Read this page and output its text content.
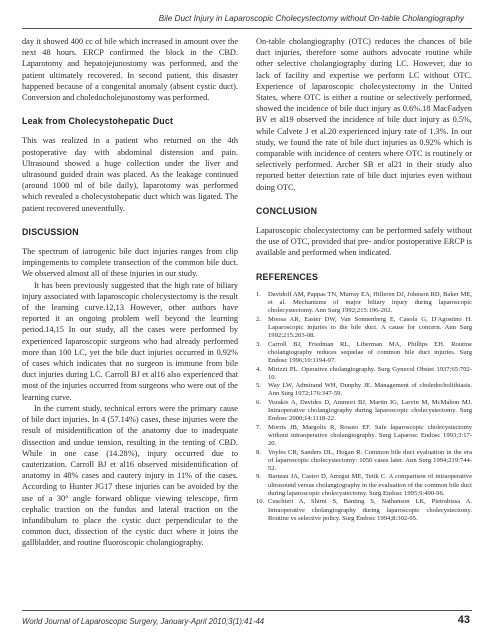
Bile Duct Injury in Laparoscopic Cholecystectomy without On-table Cholangiography

day it showed 400 cc of bile which increased in amount over the next 48 hours. ERCP confirmed the block in the CBD. Laparotomy and hepatojejunostomy was performed, and the patient ultimately recovered. In second patient, this disaster happened because of a congenital anomaly (absent cystic duct). Conversion and choledocholejunostomy was performed.

Leak from Cholecystohepatic Duct

This was realized in a patient who returned on the 4th postoperative day with abdominal distension and pain. Ultrasound showed a huge collection under the liver and ultrasound guided drain was placed. As the leakage continued (around 1000 ml of bile daily), laparotomy was performed which revealed a cholecystohepatic duct which was ligated. The patient recovered uneventfully.

DISCUSSION

The spectrum of iatrogenic bile duct injuries ranges from clip impingements to complete transection of the common bile duct. We observed almost all of these injuries in our study.

It has been previously suggested that the high rate of biliary injury associated with laparoscopic cholecystectomy is the result of the learning curve.12,13 However, other authors have reported it an ongoing problem well beyond the learning period.14,15 In our study, all the cases were performed by experienced laparoscopic surgeons who had already performed more than 100 LC, yet the bile duct injuries occurred in 0.92% of cases which indicates that no surgeon is immune from bile duct injuries during LC. Carroll BJ et al16 also experienced that most of the injuries occurred from surgeons who were out of the learning curve.

In the current study, technical errors were the primary cause of bile duct injuries. In 4 (57.14%) cases, these injuries were the result of misidentification of the anatomy due to inadequate dissection and undue tension, resulting in the tenting of CBD. While in one case (14.28%), injury occurred due to cauterization. Carroll BJ et al16 observed misidentification of anatomy in 48% cases and cautery injury in 11% of the cases. According to Hunter JG17 these injuries can be avoided by the use of a 30° angle forward oblique viewing telescope, firm cephalic traction on the fundus and lateral traction on the infundibulum to place the cystic duct perpendicular to the common duct, dissection of the cystic duct where it joins the gallbladder, and routine fluoroscopic cholangiography.

On-table cholangiography (OTC) reduces the chances of bile duct injuries, therefore some authors advocate routine while other selective cholangiography during LC. However, due to lack of facility and expertise we perform LC without OTC. Experience of laparoscopic cholecystectomy in the United States, where OTC is either a routine or selectively performed, showed the incidence of bile duct injury as 0.6%.18 MacFadyen BV et al19 observed the incidence of bile duct injury as 0.5%, while Calvete J et al.20 experienced injury rate of 1.3%. In our study, we found the rate of bile duct injuries as 0.92% which is comparable with incidence of centers where OTC is routinely or selectively performed. Archer SB et al21 in their study also reported better detection rate of bile duct injuries even without doing OTC.

CONCLUSION

Laparoscopic cholecystectomy can be performed safely without the use of OTC, provided that pre- and/or postoperative ERCP is available and performed when indicated.

REFERENCES
1.	Davidoff AM, Pappas TN, Murray EA, Hilleren DJ, Johnson RD, Baker ME, et al. Mechanisms of major biliary injury during laparoscopic cholecystectomy. Ann Surg 1992;215:196-202.
2.	Moosa AR, Easter DW, Van Sonnenberg E, Casola G, D'Agostino H. Laparoscopic injuries to the bile duct. A cause for concern. Ann Surg 1992;215:203-08.
3.	Carroll BJ, Friedman RL, Liberman MA, Phillips EH. Routine cholangiography reduces sequelae of common bile duct injuries. Surg Endosc 1996;10:1194-97.
4.	Mirizzi PL. Operative cholangiography. Surg Gynecol Obstet 1937;65:702-10.
5.	Way LW, Admirand WH, Dunphy JE. Management of choledocholithiasis. Ann Surg 1972;176:347-59.
6.	Vezakis A, Davides D, Ammori BJ, Martin IG, Larvin M, McMahon MJ. Intraoperative cholangiography during laparoscopic cholecystectomy. Surg Endosc 2000;14:1118-22.
7.	Morris JB, Margolis R, Rosato EF. Safe laparoscopic cholecystectomy without intraoperative cholangiography. Surg Laparosc Endosc 1993;3:17-20.
8.	Voyles CR, Sanders DL, Hogan R. Common bile duct evaluation in the era of laparoscopic cholecystectomy: 1050 cases later. Ann Surg 1994;219:744-52.
9.	Barteau JA, Castro D, Arregui ME, Tetik C. A comparison of intraoperative ultrasound versus cholangiography in the evaluation of the common bile duct during laparoscopic cholecystectomy. Surg Endosc 1995;9:490-96.
10. Cuschieri A, Shimi S, Banting S, Nathanson LK, Pietrabissa A. Intraoperative cholangiography during laparoscopic cholecystectomy. Routine vs selective policy. Surg Endosc 1994;8:302-05.
World Journal of Laparoscopic Surgery, January-April 2010;3(1):41-44	43
